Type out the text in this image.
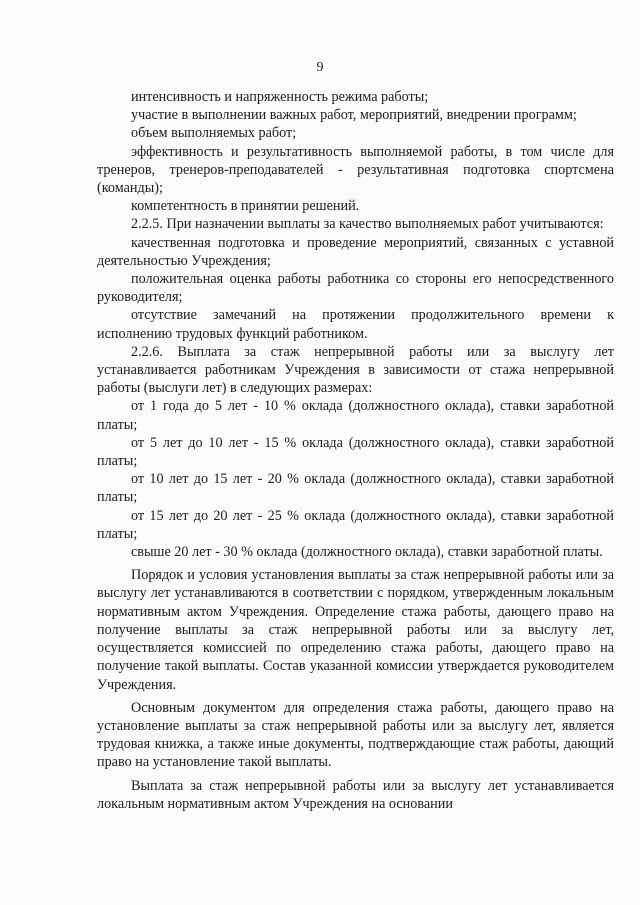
9

интенсивность и напряженность режима работы;

участие в выполнении важных работ, мероприятий, внедрении программ;

объем выполняемых работ;

эффективность и результативность выполняемой работы, в том числе для тренеров, тренеров-преподавателей - результативная подготовка спортсмена (команды);

компетентность в принятии решений.

2.2.5. При назначении выплаты за качество выполняемых работ учитываются:

качественная подготовка и проведение мероприятий, связанных с уставной деятельностью Учреждения;

положительная оценка работы работника со стороны его непосредственного руководителя;

отсутствие замечаний на протяжении продолжительного времени к исполнению трудовых функций работником.

2.2.6. Выплата за стаж непрерывной работы или за выслугу лет устанавливается работникам Учреждения в зависимости от стажа непрерывной работы (выслуги лет) в следующих размерах:

от 1 года до 5 лет - 10 % оклада (должностного оклада), ставки заработной платы;

от 5 лет до 10 лет - 15 % оклада (должностного оклада), ставки заработной платы;

от 10 лет до 15 лет - 20 % оклада (должностного оклада), ставки заработной платы;

от 15 лет до 20 лет - 25 % оклада (должностного оклада), ставки заработной платы;

свыше 20 лет - 30 % оклада (должностного оклада), ставки заработной платы.

Порядок и условия установления выплаты за стаж непрерывной работы или за выслугу лет устанавливаются в соответствии с порядком, утвержденным локальным нормативным актом Учреждения. Определение стажа работы, дающего право на получение выплаты за стаж непрерывной работы или за выслугу лет, осуществляется комиссией по определению стажа работы, дающего право на получение такой выплаты. Состав указанной комиссии утверждается руководителем Учреждения.

Основным документом для определения стажа работы, дающего право на установление выплаты за стаж непрерывной работы или за выслугу лет, является трудовая книжка, а также иные документы, подтверждающие стаж работы, дающий право на установление такой выплаты.

Выплата за стаж непрерывной работы или за выслугу лет устанавливается локальным нормативным актом Учреждения на основании
